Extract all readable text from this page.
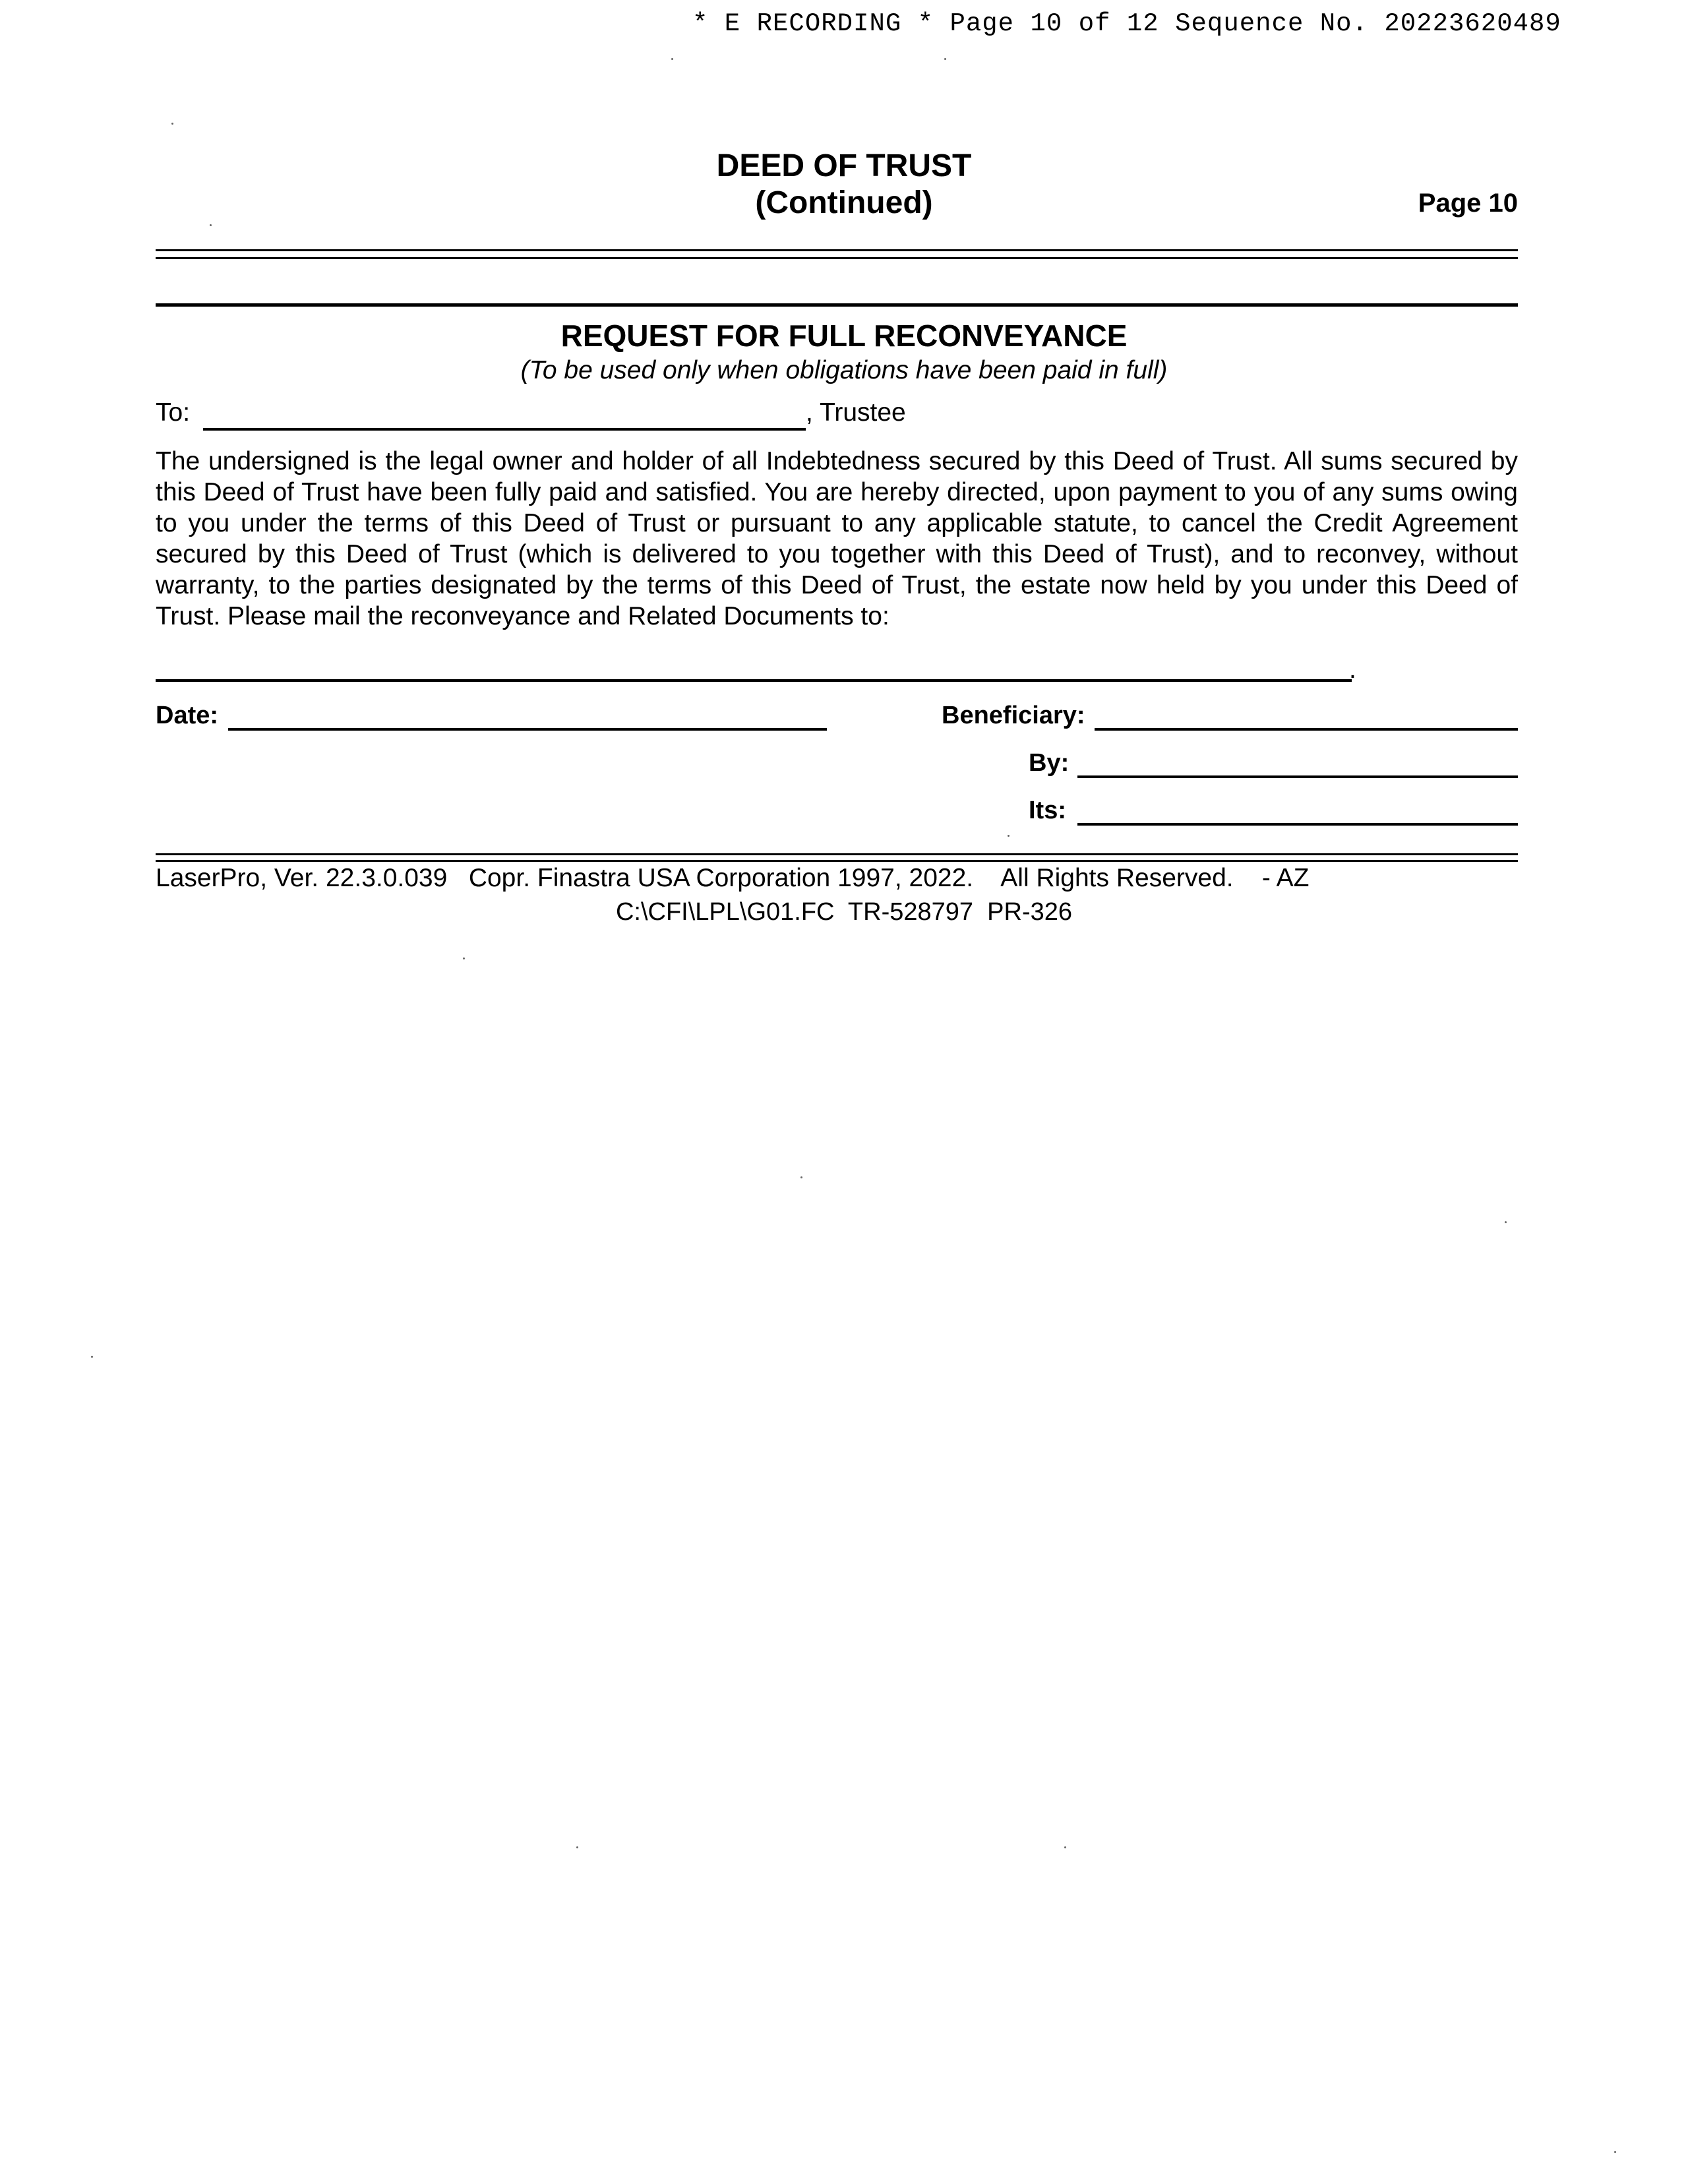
* E RECORDING * Page 10 of 12 Sequence No. 20223620489
DEED OF TRUST
(Continued)	Page 10
REQUEST FOR FULL RECONVEYANCE
(To be used only when obligations have been paid in full)
To:	, Trustee
The undersigned is the legal owner and holder of all Indebtedness secured by this Deed of Trust. All sums secured by this Deed of Trust have been fully paid and satisfied. You are hereby directed, upon payment to you of any sums owing to you under the terms of this Deed of Trust or pursuant to any applicable statute, to cancel the Credit Agreement secured by this Deed of Trust (which is delivered to you together with this Deed of Trust), and to reconvey, without warranty, to the parties designated by the terms of this Deed of Trust, the estate now held by you under this Deed of Trust. Please mail the reconveyance and Related Documents to:
.
Date:	Beneficiary:
By:
Its:
LaserPro, Ver. 22.3.0.039   Copr. Finastra USA Corporation 1997, 2022.    All Rights Reserved.    - AZ
C:\CFI\LPL\G01.FC  TR-528797  PR-326
